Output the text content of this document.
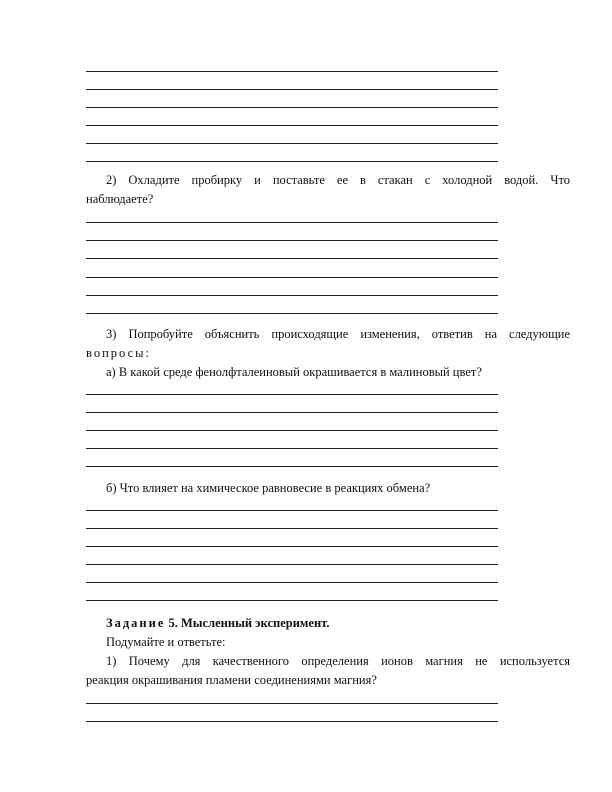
2) Охладите пробирку и поставьте ее в стакан с холодной водой. Что
наблюдаете?
3) Попробуйте объяснить происходящие изменения, ответив на следующие
вопросы:
а) В какой среде фенолфталеиновый окрашивается в малиновый цвет?
б) Что влияет на химическое равновесие в реакциях обмена?
Задание 5. Мысленный эксперимент.
Подумайте и ответьте:
1) Почему для качественного определения ионов магния не используется
реакция окрашивания пламени соединениями магния?
